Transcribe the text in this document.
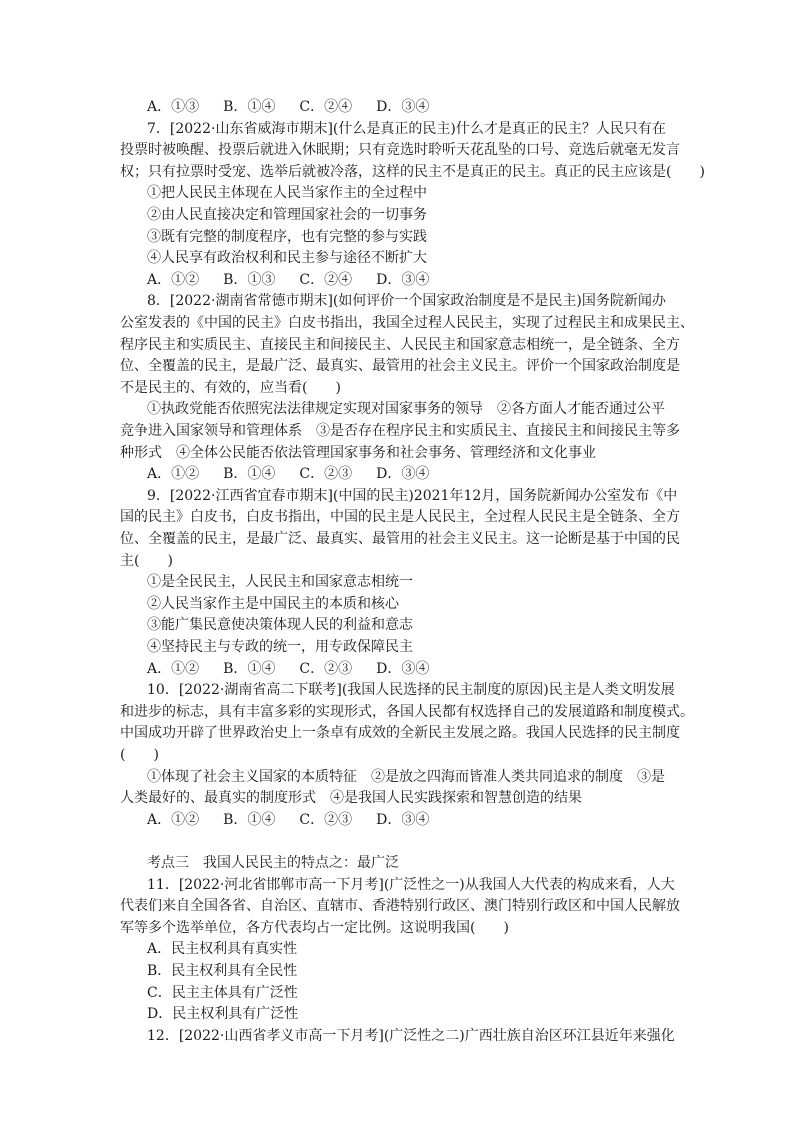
A．①③ B．①④ C．②④ D．③④
7．[2022·山东省威海市期末](什么是真正的民主)什么才是真正的民主？人民只有在
投票时被唤醒、投票后就进入休眠期；只有竞选时聆听天花乱坠的口号、竞选后就毫无发言
权；只有拉票时受宠、选举后就被冷落，这样的民主不是真正的民主。真正的民主应该是(　　)
①把人民民主体现在人民当家作主的全过程中
②由人民直接决定和管理国家社会的一切事务
③既有完整的制度程序，也有完整的参与实践
④人民享有政治权利和民主参与途径不断扩大
A．①② B．①③ C．②④ D．③④
8．[2022·湖南省常德市期末](如何评价一个国家政治制度是不是民主)国务院新闻办
公室发表的《中国的民主》白皮书指出，我国全过程人民民主，实现了过程民主和成果民主、
程序民主和实质民主、直接民主和间接民主、人民民主和国家意志相统一，是全链条、全方
位、全覆盖的民主，是最广泛、最真实、最管用的社会主义民主。评价一个国家政治制度是
不是民主的、有效的，应当看(　　)
①执政党能否依照宪法法律规定实现对国家事务的领导　②各方面人才能否通过公平
竞争进入国家领导和管理体系　③是否存在程序民主和实质民主、直接民主和间接民主等多
种形式　④全体公民能否依法管理国家事务和社会事务、管理经济和文化事业
A．①② B．①④ C．②③ D．③④
9．[2022·江西省宜春市期末](中国的民主)2021年12月，国务院新闻办公室发布《中
国的民主》白皮书，白皮书指出，中国的民主是人民民主，全过程人民民主是全链条、全方
位、全覆盖的民主，是最广泛、最真实、最管用的社会主义民主。这一论断是基于中国的民
主(　　)
①是全民民主，人民民主和国家意志相统一
②人民当家作主是中国民主的本质和核心
③能广集民意使决策体现人民的利益和意志
④坚持民主与专政的统一，用专政保障民主
A．①② B．①④ C．②③ D．③④
10．[2022·湖南省高二下联考](我国人民选择的民主制度的原因)民主是人类文明发展
和进步的标志，具有丰富多彩的实现形式，各国人民都有权选择自己的发展道路和制度模式。
中国成功开辟了世界政治史上一条卓有成效的全新民主发展之路。我国人民选择的民主制度
(　　)
①体现了社会主义国家的本质特征　②是放之四海而皆准人类共同追求的制度　③是
人类最好的、最真实的制度形式　④是我国人民实践探索和智慧创造的结果
A．①② B．①④ C．②③ D．③④
考点三　我国人民民主的特点之：最广泛
11．[2022·河北省邯郸市高一下月考](广泛性之一)从我国人大代表的构成来看，人大
代表们来自全国各省、自治区、直辖市、香港特别行政区、澳门特别行政区和中国人民解放
军等多个选举单位，各方代表均占一定比例。这说明我国(　　)
A．民主权利具有真实性
B．民主权利具有全民性
C．民主主体具有广泛性
D．民主权利具有广泛性
12．[2022·山西省孝义市高一下月考](广泛性之二)广西壮族自治区环江县近年来强化
